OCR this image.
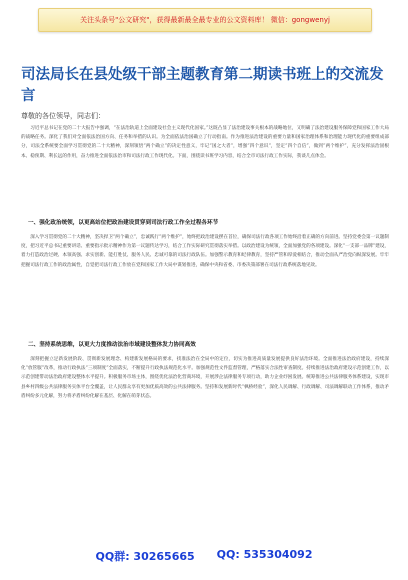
关注头条号"公文研究"，获得最新最全最专业的公文资料库！ 微信：gongwenyj
司法局长在县处级干部主题教育第二期读书班上的交流发言
尊敬的各位领导，同志们：
习近平总书记在党的二十大报告中强调，“在法治轨道上全面建设社会主义现代化国家。”这既凸显了法治建设事关根本的战略地位，又明确了法治建设服务保障党和国家工作大局的战略任务。深化了我们对全面依法治国方向、任务和举措的认识。为全面依法治国确立了行动指南。作为推进法治建设的重要力量和国家治理体系和治理能力现代化的重要组成部分，司法全系统要全面学习贯彻党的二十大精神，深刻领悟“两个确立”的决定性意义，牢记“国之大者”，增强“四个意识”，坚定“四个自信”，做到“两个维护”，充分发挥法治固根本、稳预期、利长远的作用，奋力推进全面依法治市和司法行政工作现代化。下面，围绕读书班学习内容，结合全市司法行政工作实际，我谈几点体会。
一、强化政治统领，以更高站位把政治建设贯穿到司法行政工作全过程各环节
深入学习贯彻党的二十大精神，坚决捍卫“两个确立”，忠诚践行“两个维护”，始终把政治建设摆在首位，确保司法行政各项工作始终沿着正确的方向前进。坚持党委会第一议题制度，把习近平总书记重要讲话、重要指示批示精神作为第一议题传达学习，结合工作实际研究贯彻落实举措。以政治建设为统领，全面加强党的各项建设。深化“一支部一品牌”建设，着力打造政治过硬、本领高强、求实创新、能打胜仗、服务人民、忠诚可靠的司法行政队伍。加强警示教育和纪律教育，坚持严管和厚爱相结合，推动全面从严治党向纵深发展。牢牢把握司法行政工作的政治属性，自觉把司法行政工作放在党和国家工作大局中谋划推进，确保中央和省委、市委决策部署在司法行政系统落地见效。
二、坚持系统思维，以更大力度推动法治市域建设整体发力协同高效
深刻把握立足新发展阶段、贯彻新发展理念、构建新发展格局的要求，找准法治在全局中的定位，切实为推进高质量发展提供良好法治环境。全面推进法治政府建设，持续深化“放管服”改革，推动行政执法“三项制度”全面落实，不断提升行政执法规范化水平。加强规范性文件监督管理，严格落实合法性审查制度。持续推进法治政府建设示范创建工作，以示范创建带动法治政府建设整体水平提升。积极服务市场主体，围绕优化法治化营商环境，开展涉企法律服务专项行动，助力企业纾困发展。统筹推进公共法律服务体系建设，实现市县乡村四级公共法律服务实体平台全覆盖，让人民群众享有更加优质高效的公共法律服务。坚持和发展新时代“枫桥经验”，深化人民调解、行政调解、司法调解联动工作体系，推动矛盾纠纷多元化解，努力将矛盾纠纷化解在基层、化解在萌芽状态。
QQ群: 30265665 QQ: 535304092
